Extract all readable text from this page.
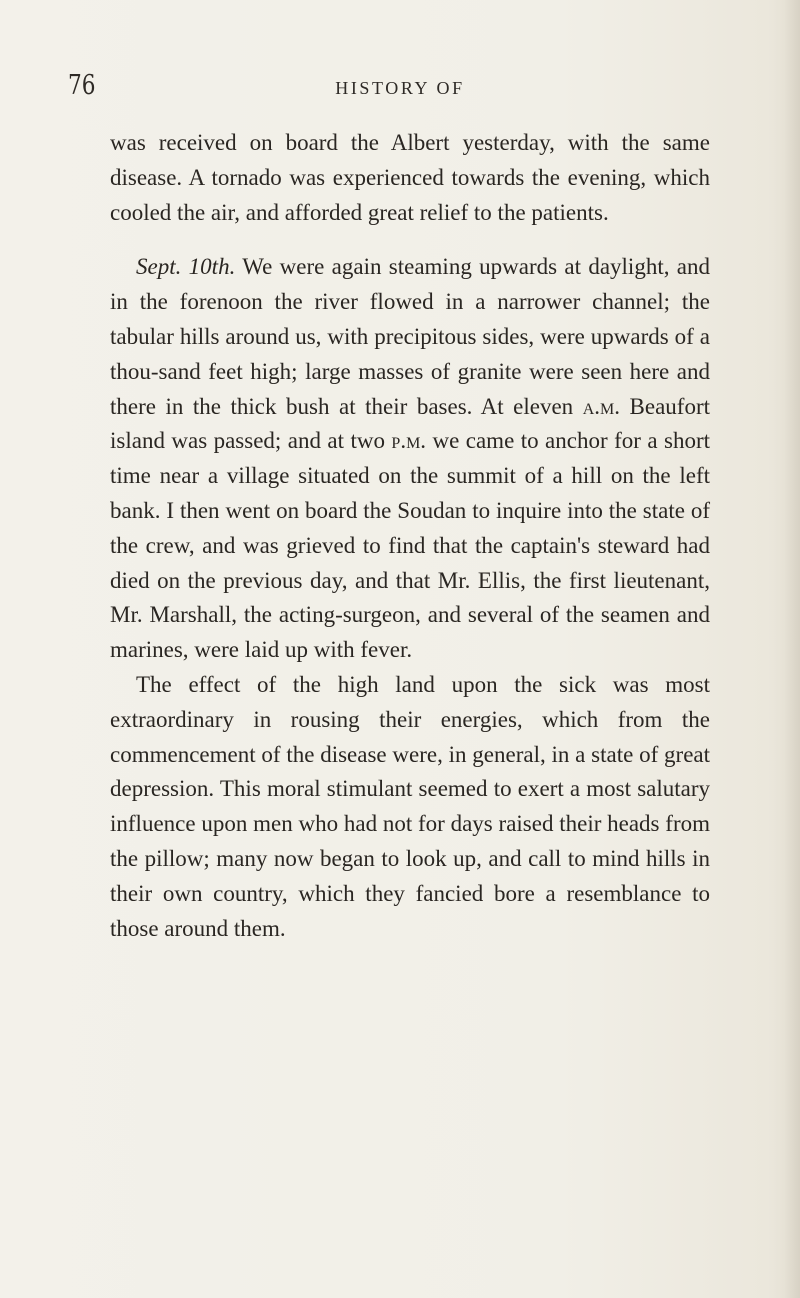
76	HISTORY OF

was received on board the Albert yesterday, with the same disease. A tornado was experienced towards the evening, which cooled the air, and afforded great relief to the patients.

Sept. 10th. We were again steaming upwards at daylight, and in the forenoon the river flowed in a narrower channel; the tabular hills around us, with precipitous sides, were upwards of a thou-sand feet high; large masses of granite were seen here and there in the thick bush at their bases. At eleven a.m. Beaufort island was passed; and at two p.m. we came to anchor for a short time near a village situated on the summit of a hill on the left bank. I then went on board the Soudan to inquire into the state of the crew, and was grieved to find that the captain's steward had died on the previous day, and that Mr. Ellis, the first lieutenant, Mr. Marshall, the acting-surgeon, and several of the seamen and marines, were laid up with fever.

The effect of the high land upon the sick was most extraordinary in rousing their energies, which from the commencement of the disease were, in general, in a state of great depression. This moral stimulant seemed to exert a most salutary influence upon men who had not for days raised their heads from the pillow; many now began to look up, and call to mind hills in their own country, which they fancied bore a resemblance to those around them.
